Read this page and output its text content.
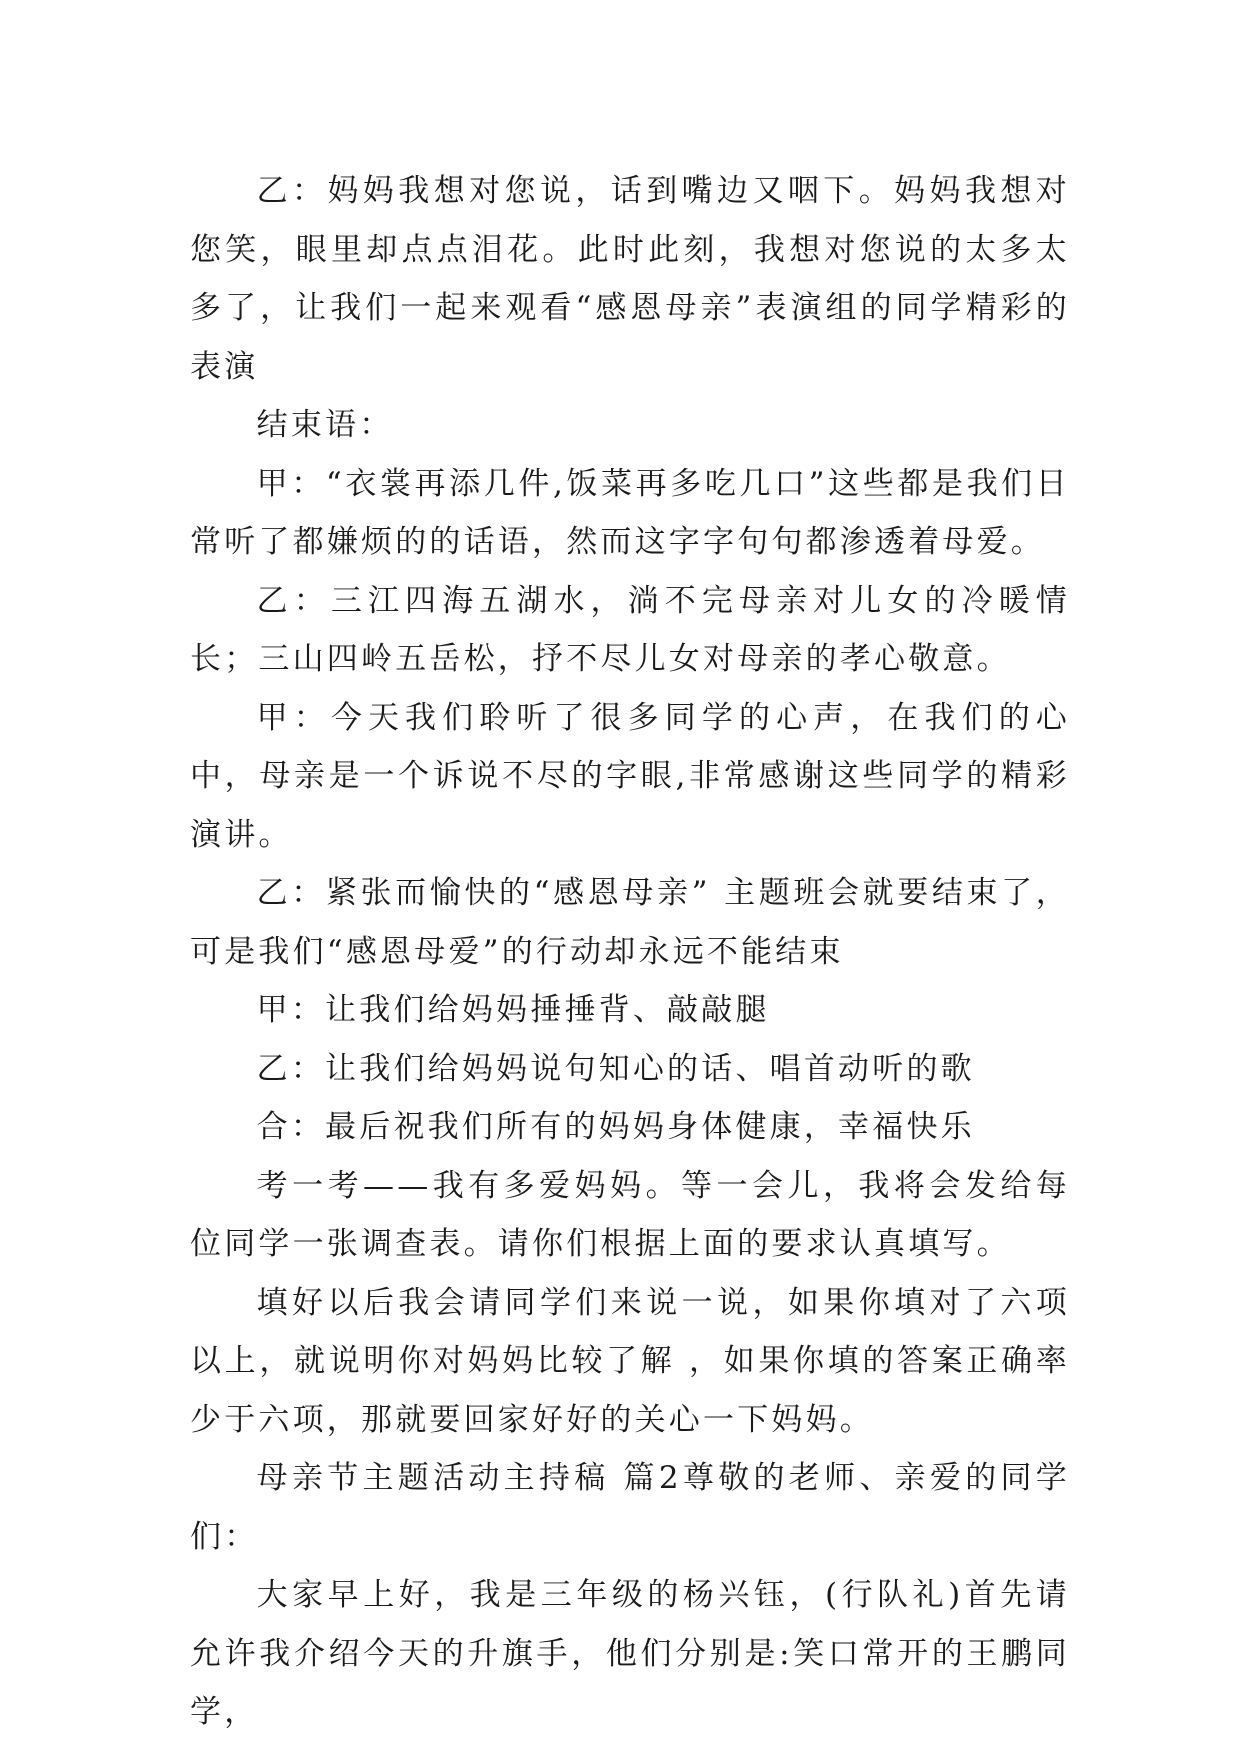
乙：妈妈我想对您说，话到嘴边又咽下。妈妈我想对您笑，眼里却点点泪花。此时此刻，我想对您说的太多太多了，让我们一起来观看“感恩母亲”表演组的同学精彩的表演

结束语：

甲：“衣裳再添几件,饭菜再多吃几口”这些都是我们日常听了都嫌烦的的话语，然而这字字句句都渗透着母爱。

乙：三江四海五湖水，淌不完母亲对儿女的冷暖情长；三山四岭五岳松，抒不尽儿女对母亲的孝心敬意。

甲：今天我们聆听了很多同学的心声，在我们的心中，母亲是一个诉说不尽的字眼,非常感谢这些同学的精彩演讲。

乙：紧张而愉快的“感恩母亲” 主题班会就要结束了，可是我们“感恩母爱”的行动却永远不能结束

甲：让我们给妈妈捶捶背、敲敲腿

乙：让我们给妈妈说句知心的话、唱首动听的歌

合：最后祝我们所有的妈妈身体健康，幸福快乐

考一考——我有多爱妈妈。等一会儿，我将会发给每位同学一张调查表。请你们根据上面的要求认真填写。

填好以后我会请同学们来说一说，如果你填对了六项以上，就说明你对妈妈比较了解 ，如果你填的答案正确率少于六项，那就要回家好好的关心一下妈妈。

母亲节主题活动主持稿 篇2尊敬的老师、亲爱的同学们：

大家早上好，我是三年级的杨兴钰，(行队礼)首先请允许我介绍今天的升旗手，他们分别是:笑口常开的王鹏同学，
